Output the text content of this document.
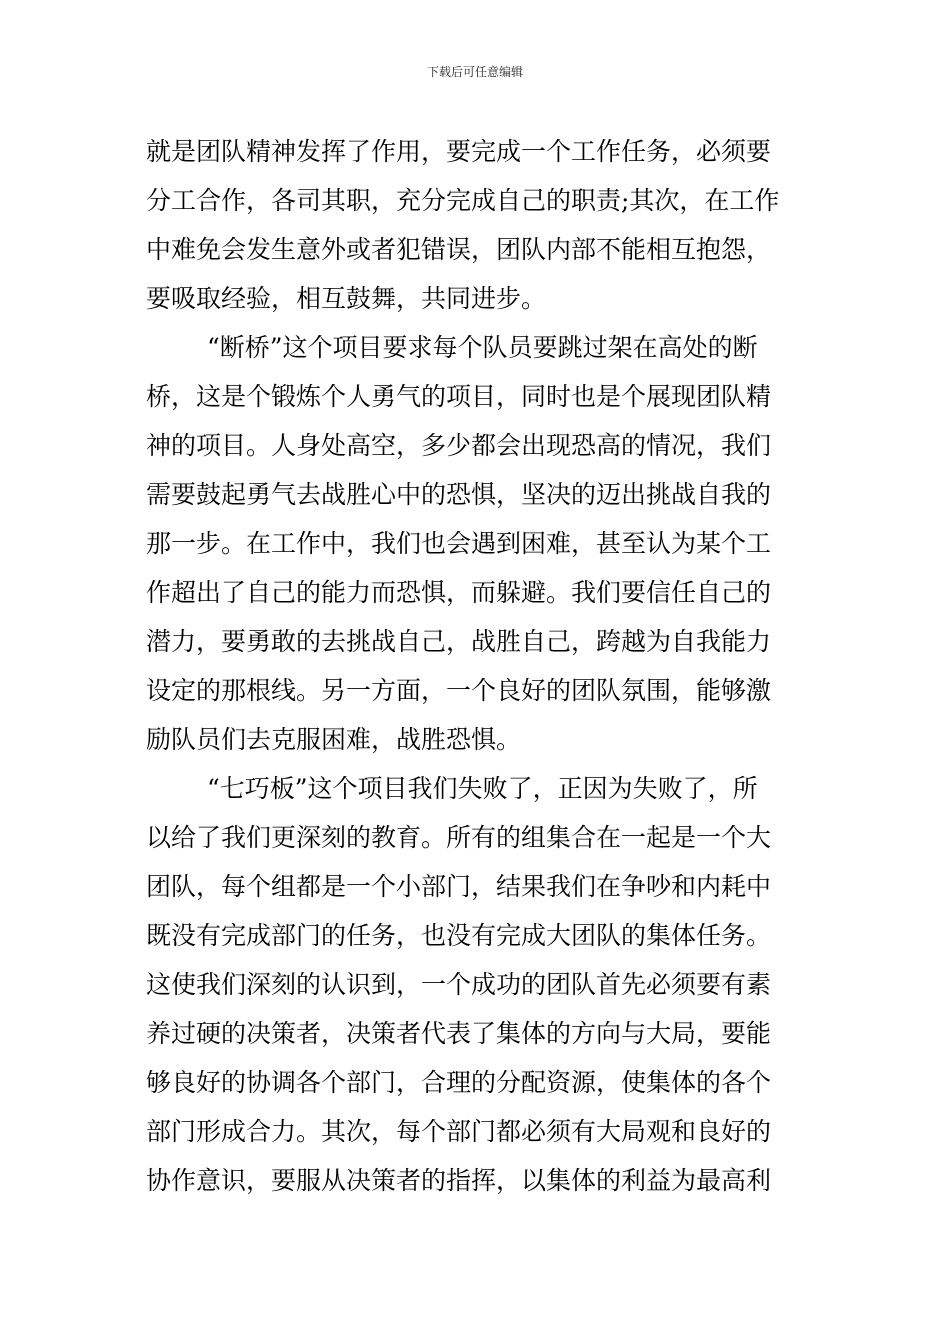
下载后可任意编辑
就是团队精神发挥了作用，要完成一个工作任务，必须要
分工合作，各司其职，充分完成自己的职责;其次，在工作
中难免会发生意外或者犯错误，团队内部不能相互抱怨，
要吸取经验，相互鼓舞，共同进步。
“断桥”这个项目要求每个队员要跳过架在高处的断
桥，这是个锻炼个人勇气的项目，同时也是个展现团队精
神的项目。人身处高空，多少都会出现恐高的情况，我们
需要鼓起勇气去战胜心中的恐惧，坚决的迈出挑战自我的
那一步。在工作中，我们也会遇到困难，甚至认为某个工
作超出了自己的能力而恐惧，而躲避。我们要信任自己的
潜力，要勇敢的去挑战自己，战胜自己，跨越为自我能力
设定的那根线。另一方面，一个良好的团队氛围，能够激
励队员们去克服困难，战胜恐惧。
“七巧板”这个项目我们失败了，正因为失败了，所
以给了我们更深刻的教育。所有的组集合在一起是一个大
团队，每个组都是一个小部门，结果我们在争吵和内耗中
既没有完成部门的任务，也没有完成大团队的集体任务。
这使我们深刻的认识到，一个成功的团队首先必须要有素
养过硬的决策者，决策者代表了集体的方向与大局，要能
够良好的协调各个部门，合理的分配资源，使集体的各个
部门形成合力。其次，每个部门都必须有大局观和良好的
协作意识，要服从决策者的指挥，以集体的利益为最高利
